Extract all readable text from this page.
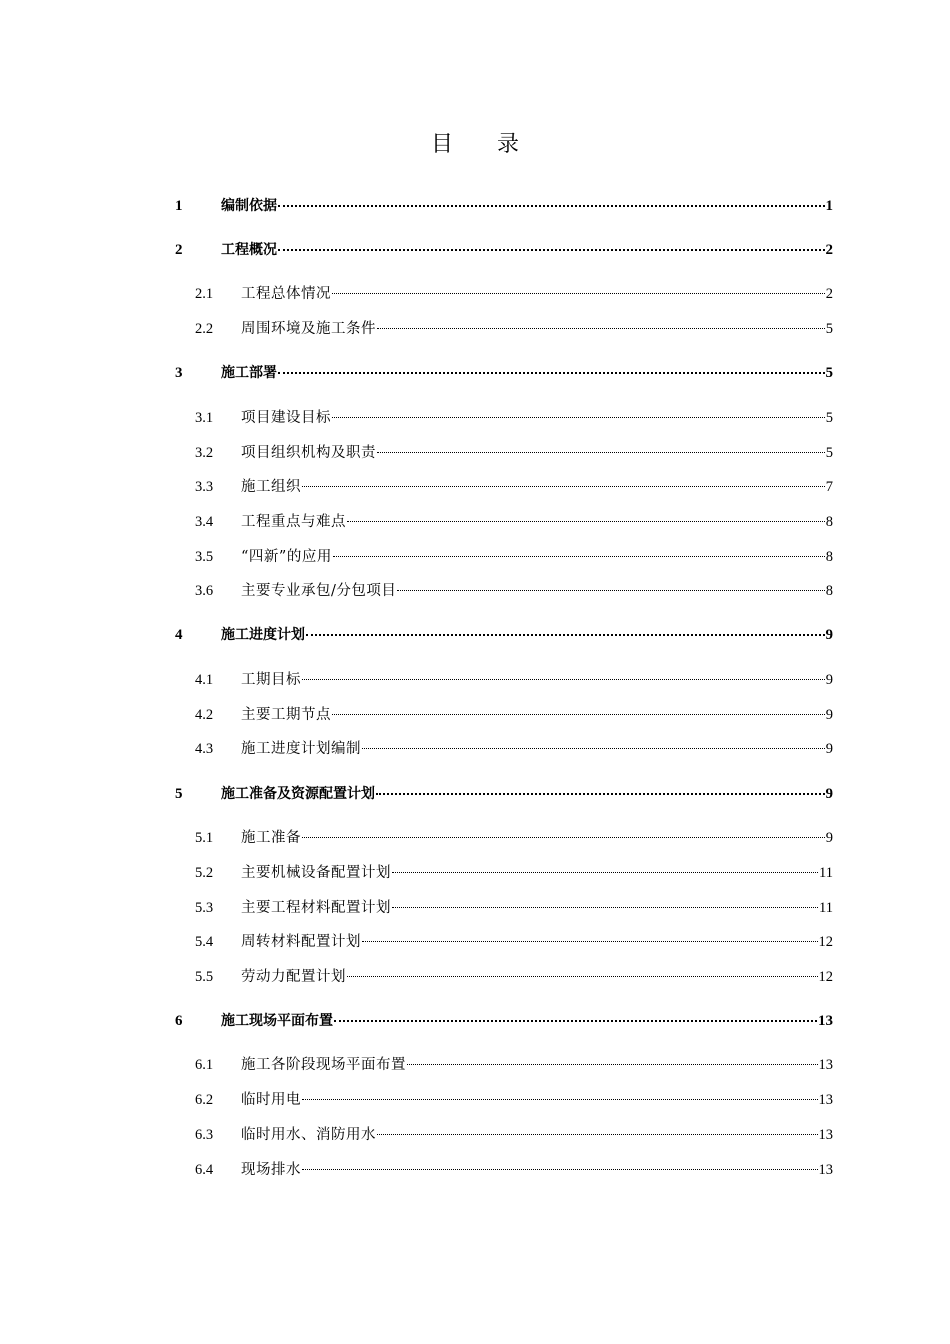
目 录
1	编制依据	1
2	工程概况	2
2.1	工程总体情况	2
2.2	周围环境及施工条件	5
3	施工部署	5
3.1	项目建设目标	5
3.2	项目组织机构及职责	5
3.3	施工组织	7
3.4	工程重点与难点	8
3.5	“四新”的应用	8
3.6	主要专业承包/分包项目	8
4	施工进度计划	9
4.1	工期目标	9
4.2	主要工期节点	9
4.3	施工进度计划编制	9
5	施工准备及资源配置计划	9
5.1	施工准备	9
5.2	主要机械设备配置计划	11
5.3	主要工程材料配置计划	11
5.4	周转材料配置计划	12
5.5	劳动力配置计划	12
6	施工现场平面布置	13
6.1	施工各阶段现场平面布置	13
6.2	临时用电	13
6.3	临时用水、消防用水	13
6.4	现场排水	13
